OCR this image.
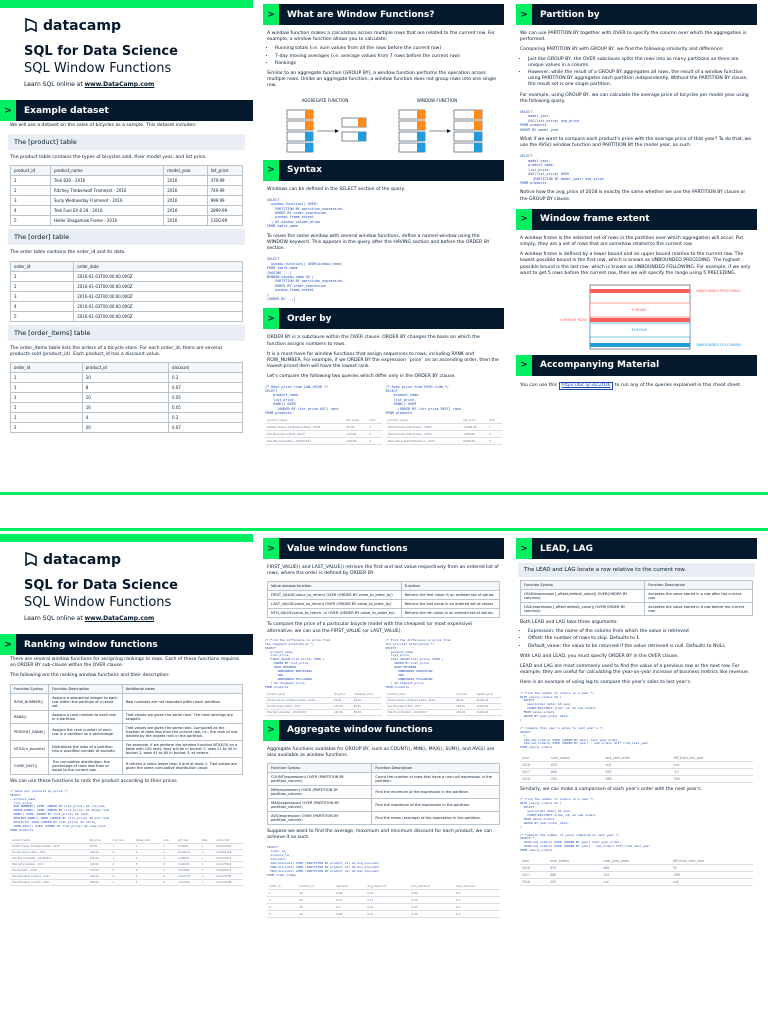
datacamp
SQL for Data Science
SQL Window Functions
Learn SQL online at www.DataCamp.com
>	Example dataset
We will use a dataset on the sales of bicycles as a sample. This dataset includes:
The [product] table
The product table contains the types of bicycles sold, their model year, and list price.
product_id	product_name	model_year	list_price
1	Trek 820 - 2016	2016	379.99
2	Ritchey Timberwolf Frameset - 2016	2016	749.99
3	Surly Wednesday Frameset - 2016	2016	999.99
4	Trek Fuel EX 8 29 - 2016	2016	2899.99
5	Heller Shagamaw Frame - 2016	2016	1320.99
The [order] table
The order table contains the order_id and its date.
order_id	order_date
1	2016-01-01T00:00:00.000Z
2	2016-01-01T00:00:00.000Z
3	2016-01-02T00:00:00.000Z
4	2016-01-03T00:00:00.000Z
5	2016-01-03T00:00:00.000Z
The [order_items] table
The order_items table lists the orders of a bicycle store. For each order_id, there are several products sold (product_id). Each product_id has a discount value.
order_id	product_id	discount
1	20	0.2
1	8	0.07
1	10	0.05
1	16	0.05
1	4	0.2
2	20	0.07
>	What are Window Functions?
A window function makes a calculation across multiple rows that are related to the current row. For example, a window function allows you to calculate:
• Running totals (i.e. sum values from all the rows before the current row)
• 7-day moving averages (i.e. average values from 7 rows before the current row)
• Rankings
Similar to an aggregate function (GROUP BY), a window function performs the operation across multiple rows. Unlike an aggregate function, a window function does not group rows into one single row.
AGGREGATE FUNCTION	WINDOW FUNCTION
>	Syntax
Windows can be defined in the SELECT section of the query.
SELECT
window_function() OVER(
PARTITION BY partition_expression
ORDER BY order_expression
window_frame_extent
) AS window_column_alias
FROM table_name
To reuse the same window with several window functions, define a named window using the WINDOW keyword. This appears in the query after the HAVING section and before the ORDER BY section.
SELECT
window_function() OVER(window_name)
FROM table_name
[HAVING ...]
WINDOW window_name AS (
PARTITION BY partition_expression
ORDER BY order_expression
window_frame_extent
)
[ORDER BY ...]
>	Order by
ORDER BY is a subclause within the OVER clause. ORDER BY changes the basis on which the function assigns numbers to rows.
It is a must-have for window functions that assign sequences to rows, including RANK and ROW_NUMBER. For example, if we ORDER BY the expression `price` on an ascending order, then the lowest-priced item will have the lowest rank.
Let's compare the following two queries which differ only in the ORDER BY clause.
/* Rank price from LOW->HIGH */
SELECT
product_name,
list_price,
RANK() OVER
(ORDER BY list_price ASC) rank
FROM products
/* Rank price from HIGH->LOW */
SELECT
product_name,
list_price,
RANK() OVER
(ORDER BY list_price DESC) rank
FROM products
product_name	list_price	rank
Strider Classic 12 Balance Bike - 2018	89.99	1
Sun Bicycles Lil Bolt - 2017	109.99	2
Trek Boy's Kickster - 2015/2017	149.99	3
product_name	list_price	rank
Trek Domane SLR 9 Disc - 2018	11999.99	1
Trek Domane SLR 8 Disc - 2018	7499.99	2
Trek Silque SLR 8 Women's - 2017	6499.99	3
>	Partition by
We can use PARTITION BY together with OVER to specify the column over which the aggregation is performed.
Comparing PARTITION BY with GROUP BY, we find the following similarity and difference:
• Just like GROUP BY, the OVER subclause splits the rows into as many partitions as there are unique values in a column.
• However, while the result of a GROUP BY aggregates all rows, the result of a window function using PARTITION BY aggregates each partition independently. Without the PARTITION BY clause, the result set is one single partition.
For example, using GROUP BY, we can calculate the average price of bicycles per model year using the following query.
SELECT
model_year,
AVG(list_price) avg_price
FROM products
GROUP BY model_year
What if we want to compare each product's price with the average price of that year? To do that, we use the AVG() window function and PARTITION BY the model year, as such.
SELECT
model_year,
product_name,
list_price,
AVG(list_price) OVER
(PARTITION BY model_year) avg_price
FROM products
Notice how the avg_price of 2018 is exactly the same whether we use the PARTITION BY clause or the GROUP BY clause.
>	Window frame extent
A window frame is the selected set of rows in the partition over which aggregation will occur. Put simply, they are a set of rows that are somehow related to the current row.
A window frame is defined by a lower bound and an upper bound relative to the current row. The lowest possible bound is the first row, which is known as UNBOUNDED PRECEDING. The highest possible bound is the last row, which is known as UNBOUNDED FOLLOWING. For example, if we only want to get 5 rows before the current row, then we will specify the range using 5 PRECEDING.
UNBOUNDED PRECEDING
N ROWS
CURRENT ROW
M ROWS
UNBOUNDED FOLLOWING
>	Accompanying Material
You can use this https://bit.ly/3scZtOK to run any of the queries explained in this cheat sheet.
datacamp
SQL for Data Science
SQL Window Functions
Learn SQL online at www.DataCamp.com
>	Ranking window functions
There are several window functions for assigning rankings to rows. Each of these functions requires an ORDER BY sub-clause within the OVER clause.
The following are the ranking window functions and their description:
Function Syntax	Function Description	Additional notes
ROW_NUMBER()	Assigns a sequential integer to each row within the partition of a result set.	Row numbers are not repeated within each partition.
RANK()	Assigns a rank number to each row in a partition.	Tied values are given the same rank. The next rankings are skipped.
PERCENT_RANK()	Assigns the rank number of each row in a partition as a percentage.	Tied values are given the same rank. Computed as the fraction of rows less than the current row, i.e., the rank of row divided by the largest rank in the partition.
NTILE(n_buckets)	Distributes the rows of a partition into a specified number of buckets.	For example, if we perform the window function NTILE(5) on a table with 100 rows, they will be in bucket 1, rows 21 to 40 in bucket 2, rows 41 to 60 in bucket 3, et cetera.
CUME_DIST()	The cumulative distribution: the percentage of rows less than or equal to the current row.	It returns a value larger than 0 and at most 1. Tied values are given the same cumulative distribution value.
We can use these functions to rank the product according to their prices.
/* Rank all products by price */
SELECT
product_name,
list_price,
ROW_NUMBER() OVER (ORDER BY list_price) AS row_num,
DENSE_RANK() OVER (ORDER BY list_price) AS dense_rank,
RANK() OVER (ORDER BY list_price) AS rank,
PERCENT_RANK() OVER (ORDER BY list_price) AS pct_rank,
NTILE(75) OVER (ORDER BY list_price) AS ntile,
CUME_DIST() OVER (ORDER BY list_price) AS cume_dist
FROM products
product_name	list_price	row_num	dense_rank	rank	pct_rank	ntile	cume_dist
Strider Classic 12 Balance Bike - 2018	89.99	1	1	1	0.00000	1	0.00310559
Sun Bicycles Lil Bolt - 2017	109.99	2	2	2	0.003115	1	0.00621118
Trek Boy's Kickster - 2015/2017	149.99	3	3	3	0.006231	1	0.02173913
Trek Girl's Kickster - 2017	149.99	4	3	3	0.006231	1	0.02173913
Trek Kickster - 2018	159.99	5	4	5	0.012461	1	0.02484472
Trek Precaliber 12 Boys - 2017	189.99	6	5	6	0.015576	1	0.03726708
Trek Precaliber 12 Girls - 2017	189.99	7	5	6	0.015576	1	0.03726708
>	Value window functions
FIRST_VALUE() and LAST_VALUE() retrieve the first and last value respectively from an ordered list of rows, where the order is defined by ORDER BY.
Value window function	Function
FIRST_VALUE(value_to_return) OVER (ORDER BY value_to_order_by)	Returns the first value in an ordered set of values
LAST_VALUE(value_to_return) OVER (ORDER BY value_to_order_by)	Returns the last value in an ordered set of values
NTH_VALUE(value_to_return, n) OVER (ORDER BY value_to_order_by)	Returns the nth value in an ordered set of values.
To compare the price of a particular bicycle model with the cheapest (or most expensive) alternative, we can use the FIRST_VALUE (or LAST_VALUE).
/* Find the difference in price from
the cheapest alternative */
SELECT
product_name,
list_price,
FIRST_VALUE(list_price) OVER (
ORDER BY list_price
ROWS BETWEEN
UNBOUNDED PRECEDING
AND
UNBOUNDED FOLLOWING
) AS cheapest_price,
FROM products
/* Find the difference in price from
the priciest alternative */
SELECT
product_name,
list_price,
LAST_VALUE(list_price) OVER (
ORDER BY list_price
ROWS BETWEEN
UNBOUNDED PRECEDING
AND
UNBOUNDED FOLLOWING
) AS highest_price
FROM products
product_name	list_price	cheapest_price
Strider Classic 12 Balance Bike - 2018	89.99	89.99
Sun Bicycles Lil Bolt - 2017	109.99	89.99
Trek Boy's Kickster - 2015/2017	149.99	89.99
product_name	list_price	highest_price
Strider Classic 12 Balance Bike - 2018	89.99	11999.99
Sun Bicycles Lil Bolt - 2017	109.99	11999.99
Trek Boy's Kickster - 2015/2017	149.99	11999.99
>	Aggregate window functions
Aggregate functions available for GROUP BY, such as COUNT(), MIN(), MAX(), SUM(), and AVG() are also available as window functions.
Function Syntax	Function Description
COUNT(expression) OVER (PARTITION BY partition_column)	Count the number of rows that have a non-null expression in the partition.
MIN(expression) OVER (PARTITION BY partition_column)	Find the minimum of the expression in the partition.
MAX(expression) OVER (PARTITION BY partition_column)	Find the maximum of the expression in the partition.
AVG(expression) OVER (PARTITION BY partition_column)	Find the mean (average) of the expression in the partition.
Suppose we want to find the average, maximum and minimum discount for each product, we can achieve it as such.
SELECT
order_id,
product_id,
discount,
AVG(discount) OVER (PARTITION BY product_id) AS avg_discount,
MIN(discount) OVER (PARTITION BY product_id) AS min_discount,
MAX(discount) OVER (PARTITION BY product_id) AS max_discount
FROM order_items
order_id	product_id	discount	avg_discount	min_discount	max_discount
1	20	0.05	0.11	0.05	0.2
1	20	0.07	0.11	0.05	0.2
2	20	0.2	0.11	0.05	0.2
3	20	0.05	0.11	0.05	0.2
>	LEAD, LAG
The LEAD and LAG locate a row relative to the current row.
Function Syntax	Function Description
LEAD(expression [,offset,default_value]) OVER(ORDER BY columns)	Accesses the value stored in a row after the current row.
LAG(expression [,offset,default_value]) OVER(ORDER BY columns)	Accesses the value stored in a row before the current row.
Both LEAD and LAG take three arguments:
• Expression: the name of the column from which the value is retrieved
• Offset: the number of rows to skip. Defaults to 1.
• Default_value: the value to be returned if the value retrieved is null. Defaults to NULL.
With LAG and LEAD, you must specify ORDER BY in the OVER clause.
LEAD and LAG are most commonly used to find the value of a previous row or the next row. For example, they are useful for calculating the year-on-year increase of business metrics like revenue.
Here is an example of using lag to compare this year's sales to last year's.
/* Find the number of orders in a year */
WITH yearly_orders AS (
SELECT
year(order_date) AS year,
COUNT(DISTINCT order_id) AS num_orders
FROM sales.orders
GROUP BY year(order_date)
)

/* Compare this year's sales to last year's */
SELECT
*,
LAG(num_orders) OVER (ORDER BY year) last_year_order,
LAG(num_orders) OVER (ORDER BY year) - num_orders diff_from_last_year
FROM yearly_orders
year	num_orders	last_year_order	diff_from_last_year
2016	635	null	null
2017	688	635	-53
2018	292	688	396
Similarly, we can make a comparison of each year's order with the next year's.
/* Find the number of orders in a year */
WITH yearly_orders AS (
SELECT
year(order_date) AS year,
COUNT(DISTINCT order_id) AS num_orders
FROM sales.orders
GROUP BY year(order_date)
)

/* Compare the number of years compared to next year */
SELECT *,
LEAD(num_orders) OVER (ORDER BY year) next_year_order,
LEAD(num_orders) OVER (ORDER BY year) - num_orders diff_from_next_year
FROM yearly_orders
year	num_orders	next_year_order	diff_from_next_year
2016	635	688	53
2017	688	292	-396
2018	292	null	null
